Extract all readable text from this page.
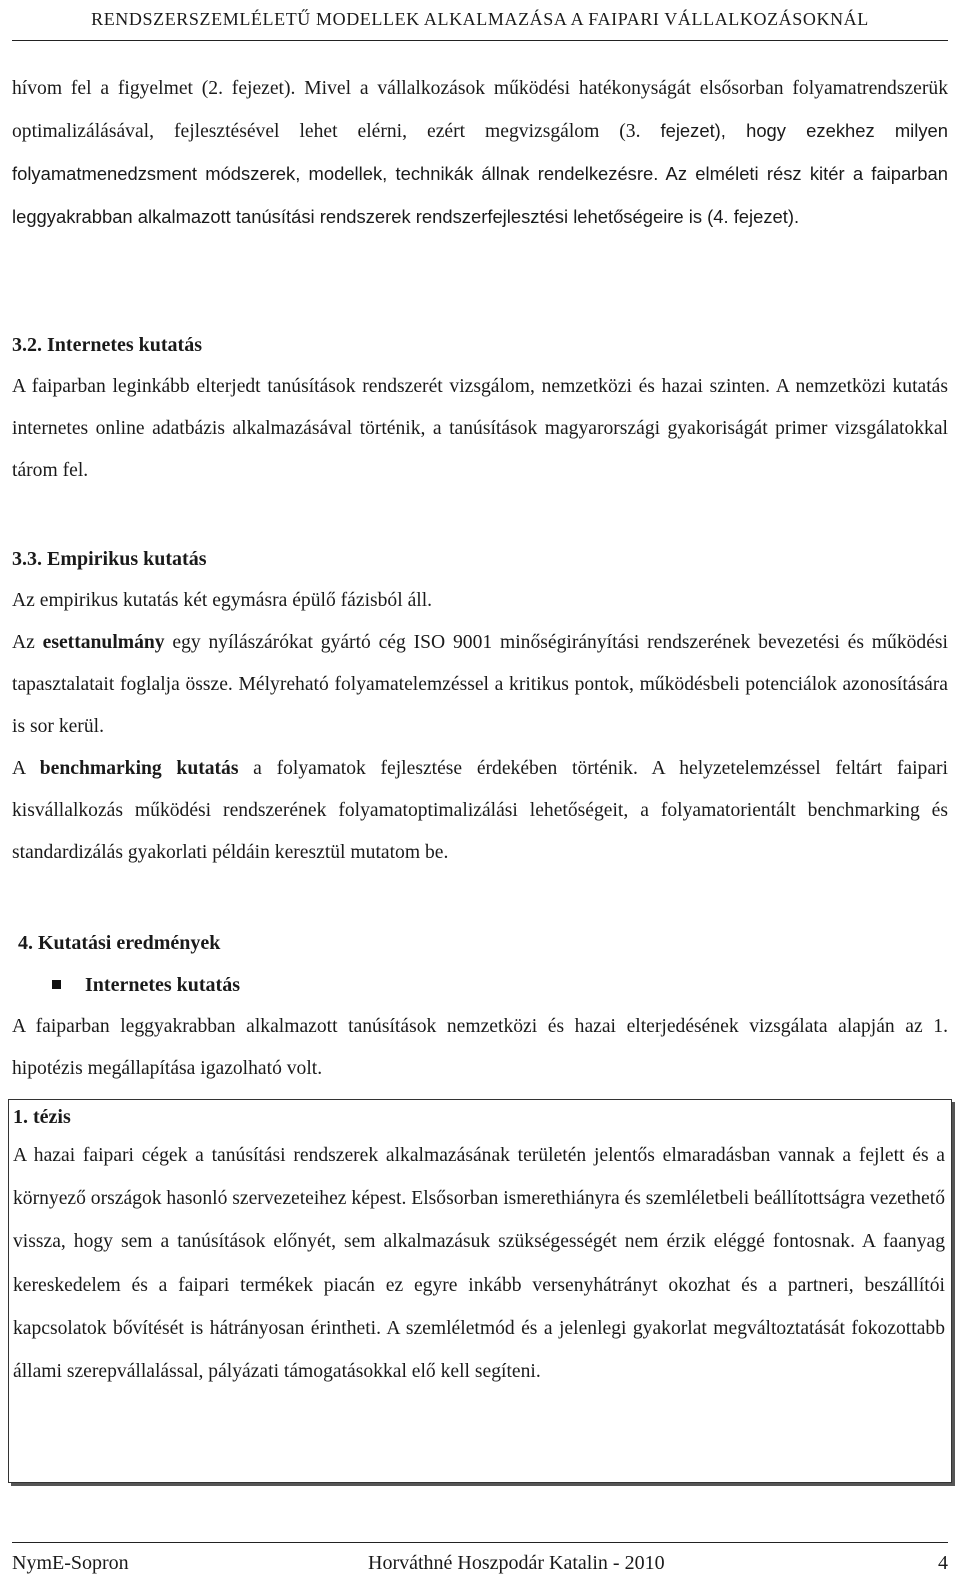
RENDSZERSZEMLÉLETŰ MODELLEK ALKALMAZÁSA A FAIPARI VÁLLALKOZÁSOKNÁL

hívom fel a figyelmet (2. fejezet). Mivel a vállalkozások működési hatékonyságát elsősorban folyamatrendszerük optimalizálásával, fejlesztésével lehet elérni, ezért megvizsgálom (3. fejezet), hogy ezekhez milyen folyamatmenedzsment módszerek, modellek, technikák állnak rendelkezésre. Az elméleti rész kitér a faiparban leggyakrabban alkalmazott tanúsítási rendszerek rendszerfejlesztési lehetőségeire is (4. fejezet).

3.2. Internetes kutatás

A faiparban leginkább elterjedt tanúsítások rendszerét vizsgálom, nemzetközi és hazai szinten. A nemzetközi kutatás internetes online adatbázis alkalmazásával történik, a tanúsítások magyarországi gyakoriságát primer vizsgálatokkal tárom fel.

3.3. Empirikus kutatás

Az empirikus kutatás két egymásra épülő fázisból áll.

Az esettanulmány egy nyílászárókat gyártó cég ISO 9001 minőségirányítási rendszerének bevezetési és működési tapasztalatait foglalja össze. Mélyreható folyamatelemzéssel a kritikus pontok, működésbeli potenciálok azonosítására is sor kerül.

A benchmarking kutatás a folyamatok fejlesztése érdekében történik. A helyzetelemzéssel feltárt faipari kisvállalkozás működési rendszerének folyamatoptimalizálási lehetőségeit, a folyamatorientált benchmarking és standardizálás gyakorlati példáin keresztül mutatom be.

4. Kutatási eredmények

Internetes kutatás

A faiparban leggyakrabban alkalmazott tanúsítások nemzetközi és hazai elterjedésének vizsgálata alapján az 1. hipotézis megállapítása igazolható volt.

1. tézis

A hazai faipari cégek a tanúsítási rendszerek alkalmazásának területén jelentős elmaradásban vannak a fejlett és a környező országok hasonló szervezeteihez képest. Elsősorban ismerethiányra és szemléletbeli beállítottságra vezethető vissza, hogy sem a tanúsítások előnyét, sem alkalmazásuk szükségességét nem érzik eléggé fontosnak. A faanyag kereskedelem és a faipari termékek piacán ez egyre inkább versenyhátrányt okozhat és a partneri, beszállítói kapcsolatok bővítését is hátrányosan érintheti. A szemléletmód és a jelenlegi gyakorlat megváltoztatását fokozottabb állami szerepvállalással, pályázati támogatásokkal elő kell segíteni.

NymE-Sopron	Horváthné Hoszpodár Katalin - 2010	4
